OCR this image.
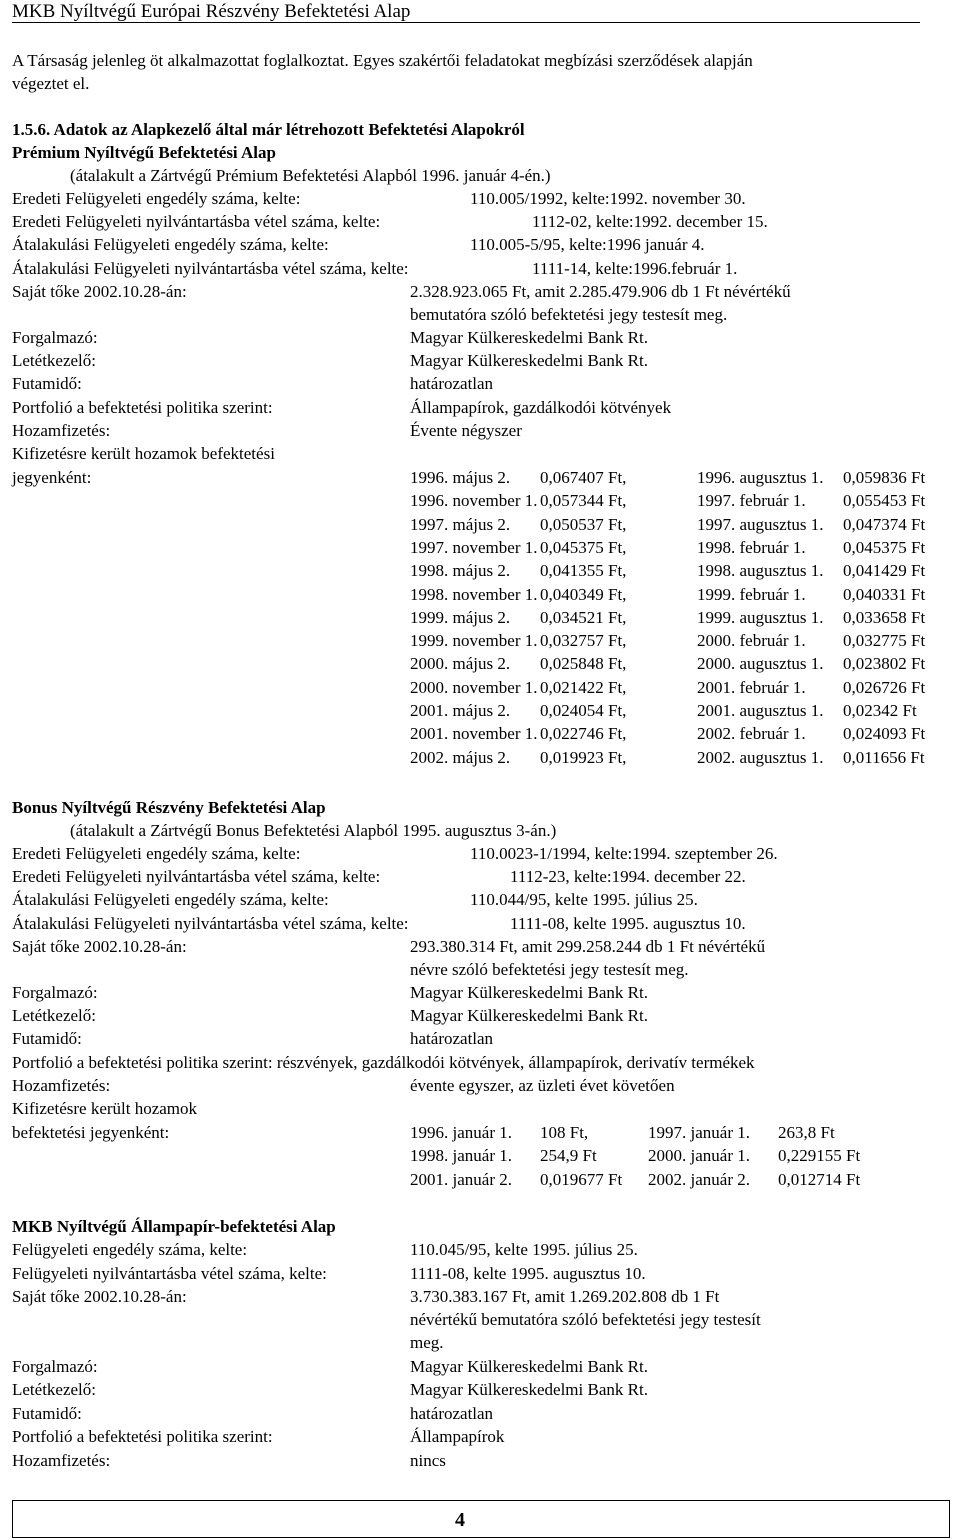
MKB Nyíltvégű Európai Részvény Befektetési Alap
A Társaság jelenleg öt alkalmazottat foglalkoztat. Egyes szakértői feladatokat megbízási szerződések alapján
végeztet el.
1.5.6. Adatok az Alapkezelő által már létrehozott Befektetési Alapokról
Prémium Nyíltvégű Befektetési Alap
(átalakult a Zártvégű Prémium Befektetési Alapból 1996. január 4-én.)
Eredeti Felügyeleti engedély száma, kelte:	110.005/1992, kelte:1992. november 30.
Eredeti Felügyeleti nyilvántartásba vétel száma, kelte:	1112-02, kelte:1992. december 15.
Átalakulási Felügyeleti engedély száma, kelte:	110.005-5/95, kelte:1996 január 4.
Átalakulási Felügyeleti nyilvántartásba vétel száma, kelte:	1111-14, kelte:1996.február 1.
Saját tőke 2002.10.28-án:	2.328.923.065 Ft, amit 2.285.479.906 db 1 Ft névértékű
bemutatóra szóló befektetési jegy testesít meg.
Forgalmazó:	Magyar Külkereskedelmi Bank Rt.
Letétkezelő:	Magyar Külkereskedelmi Bank Rt.
Futamidő:	határozatlan
Portfolió a befektetési politika szerint:	Állampapírok, gazdálkodói kötvények
Hozamfizetés:	Évente négyszer
Kifizetésre került hozamok befektetési
jegyenként:	1996. május 2. 0,067407 Ft,	1996. augusztus 1. 0,059836 Ft
1996. november 1. 0,057344 Ft,	1997. február 1. 0,055453 Ft
1997. május 2. 0,050537 Ft,	1997. augusztus 1. 0,047374 Ft
1997. november 1. 0,045375 Ft,	1998. február 1. 0,045375 Ft
1998. május 2. 0,041355 Ft,	1998. augusztus 1. 0,041429 Ft
1998. november 1. 0,040349 Ft,	1999. február 1. 0,040331 Ft
1999. május 2. 0,034521 Ft,	1999. augusztus 1. 0,033658 Ft
1999. november 1. 0,032757 Ft,	2000. február 1. 0,032775 Ft
2000. május 2. 0,025848 Ft,	2000. augusztus 1. 0,023802 Ft
2000. november 1. 0,021422 Ft,	2001. február 1. 0,026726 Ft
2001. május 2. 0,024054 Ft,	2001. augusztus 1. 0,02342 Ft
2001. november 1. 0,022746 Ft,	2002. február 1. 0,024093 Ft
2002. május 2. 0,019923 Ft,	2002. augusztus 1. 0,011656 Ft
Bonus Nyíltvégű Részvény Befektetési Alap
(átalakult a Zártvégű Bonus Befektetési Alapból 1995. augusztus 3-án.)
Eredeti Felügyeleti engedély száma, kelte:	110.0023-1/1994, kelte:1994. szeptember 26.
Eredeti Felügyeleti nyilvántartásba vétel száma, kelte:	1112-23, kelte:1994. december 22.
Átalakulási Felügyeleti engedély száma, kelte:	110.044/95, kelte 1995. július 25.
Átalakulási Felügyeleti nyilvántartásba vétel száma, kelte:	1111-08, kelte 1995. augusztus 10.
Saját tőke 2002.10.28-án:	293.380.314 Ft, amit 299.258.244 db 1 Ft névértékű
névre szóló befektetési jegy testesít meg.
Forgalmazó:	Magyar Külkereskedelmi Bank Rt.
Letétkezelő:	Magyar Külkereskedelmi Bank Rt.
Futamidő:	határozatlan
Portfolió a befektetési politika szerint: részvények, gazdálkodói kötvények, állampapírok, derivatív termékek
Hozamfizetés:	évente egyszer, az üzleti évet követően
Kifizetésre került hozamok
befektetési jegyenként:	1996. január 1. 108 Ft,	1997. január 1. 263,8 Ft
1998. január 1. 254,9 Ft	2000. január 1. 0,229155 Ft
2001. január 2. 0,019677 Ft 2002. január 2. 0,012714 Ft
MKB Nyíltvégű Állampapír-befektetési Alap
Felügyeleti engedély száma, kelte:	110.045/95, kelte 1995. július 25.
Felügyeleti nyilvántartásba vétel száma, kelte:	1111-08, kelte 1995. augusztus 10.
Saját tőke 2002.10.28-án:	3.730.383.167 Ft, amit 1.269.202.808 db 1 Ft
névértékű bemutatóra szóló befektetési jegy testesít
meg.
Forgalmazó:	Magyar Külkereskedelmi Bank Rt.
Letétkezelő:	Magyar Külkereskedelmi Bank Rt.
Futamidő:	határozatlan
Portfolió a befektetési politika szerint:	Állampapírok
Hozamfizetés:	nincs
4
